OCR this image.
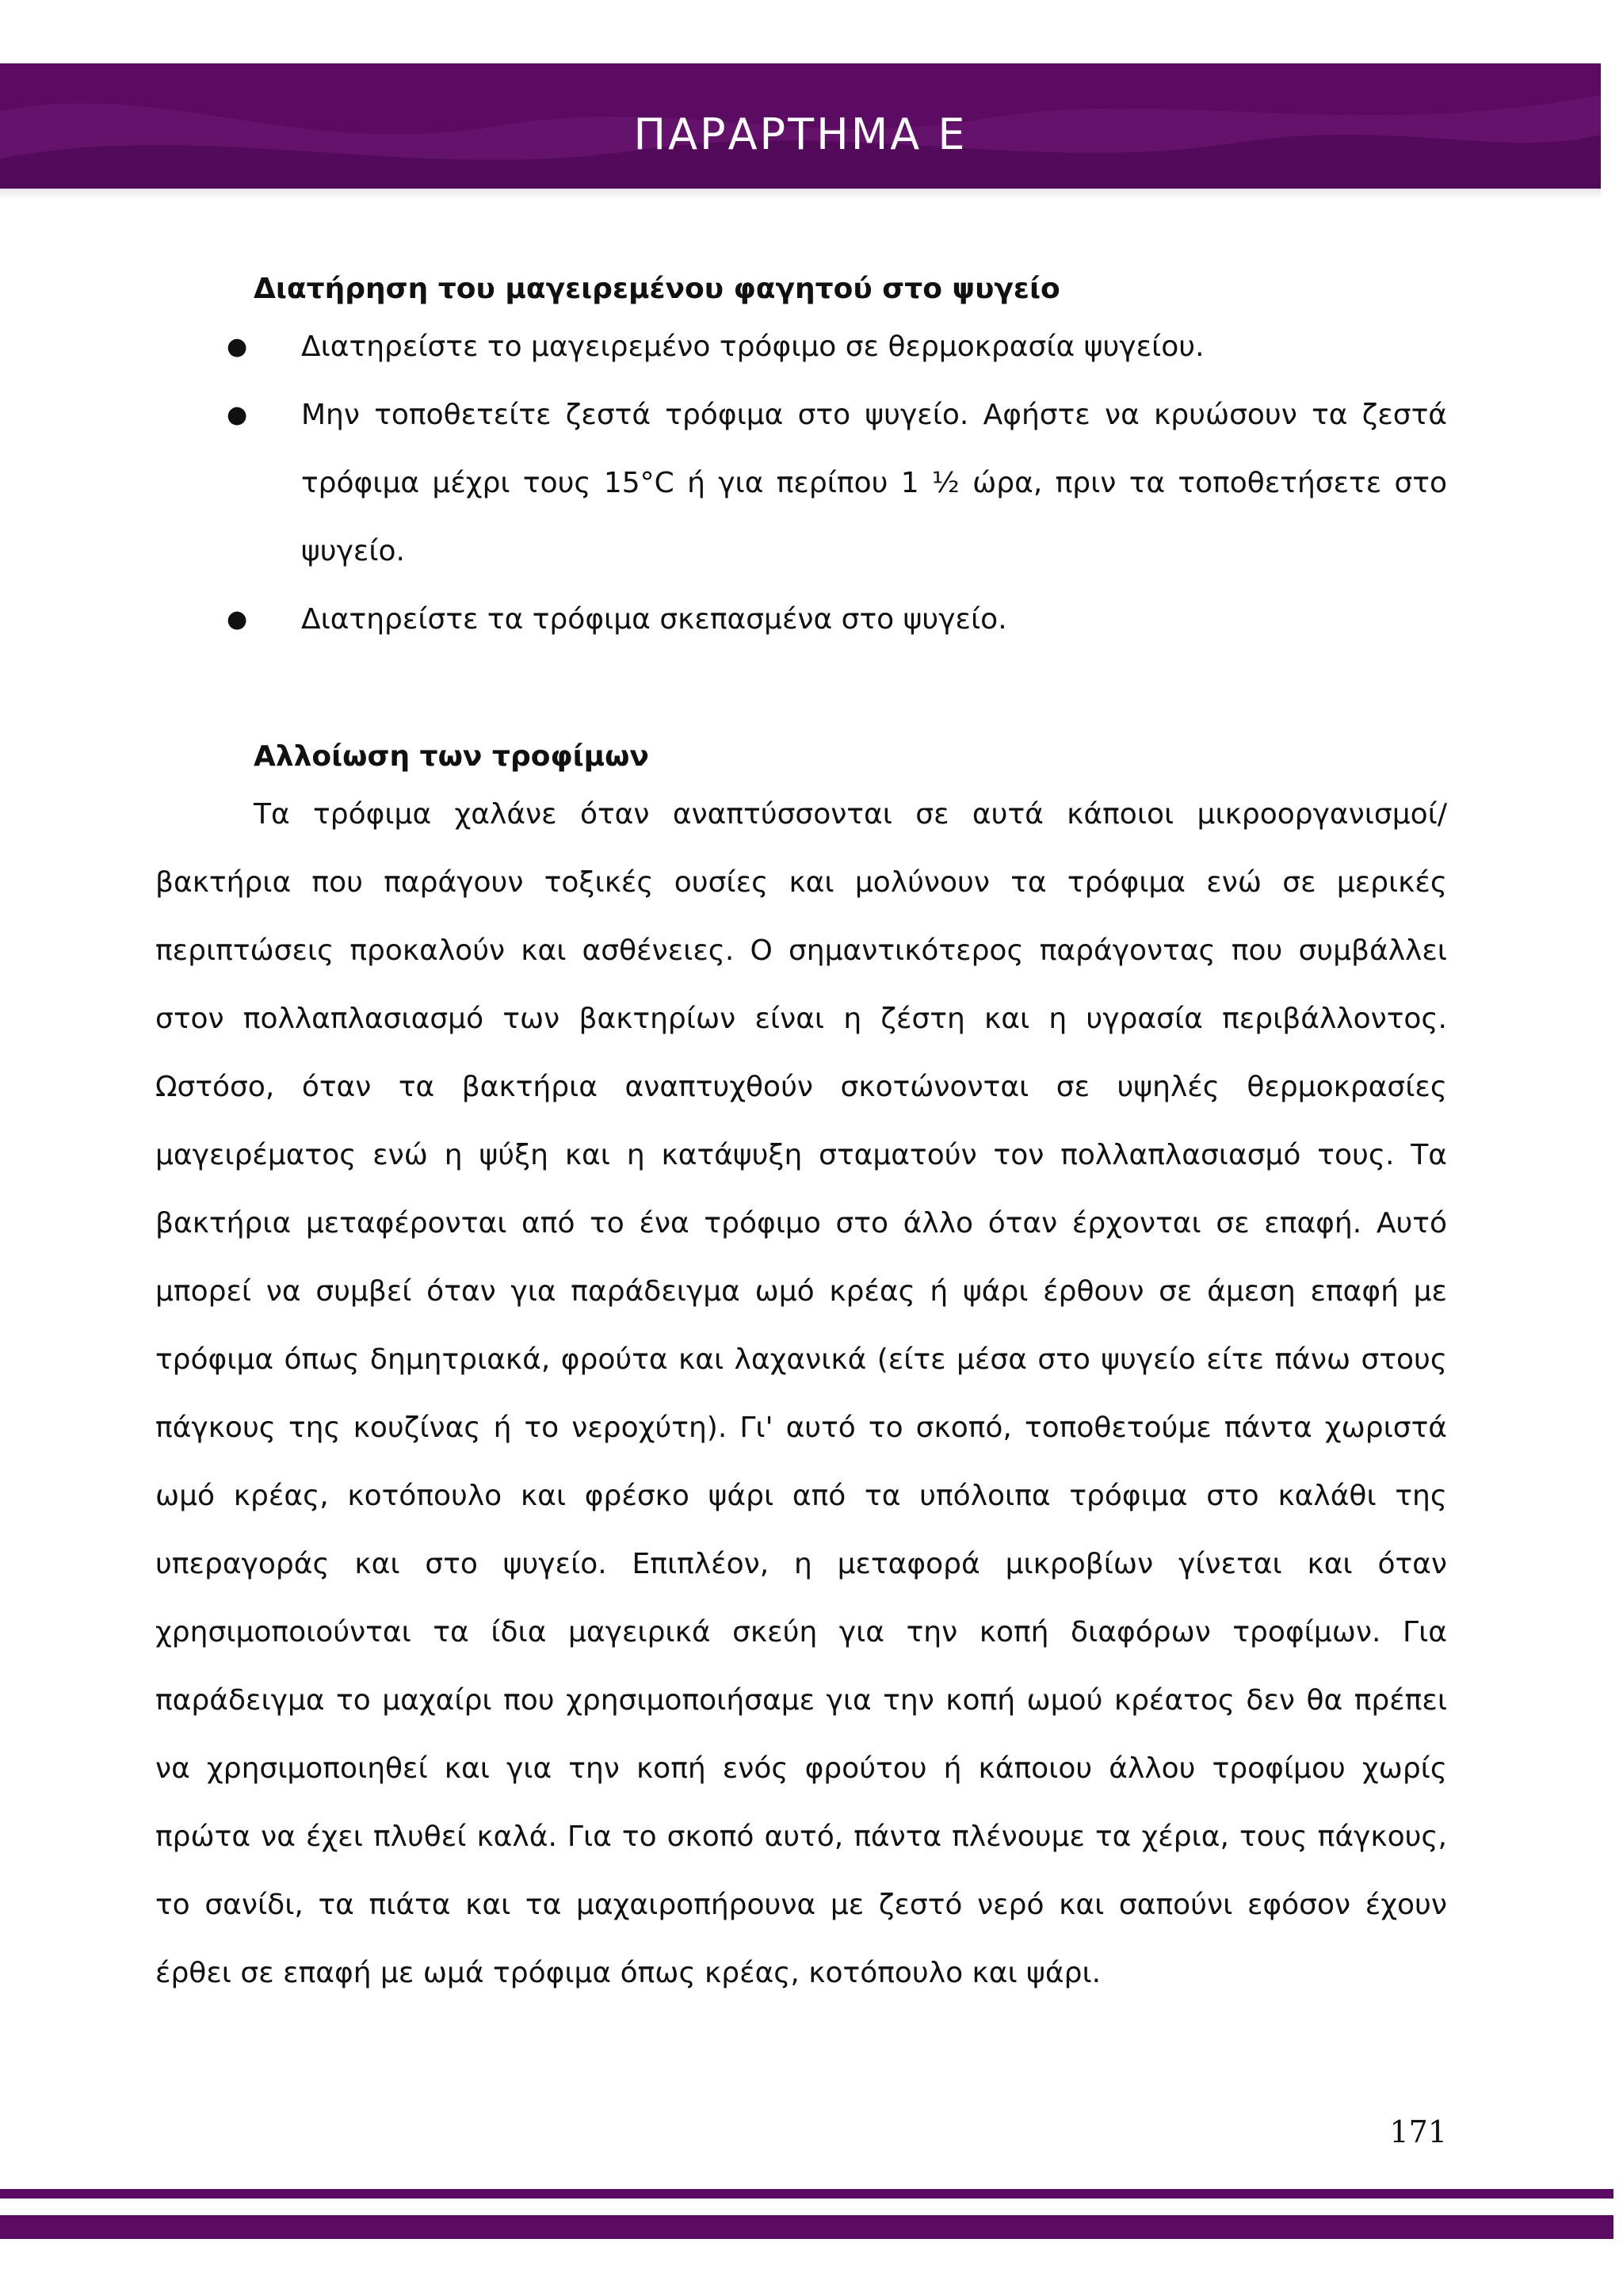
ΠΑΡΑΡΤΗΜΑ Ε
Διατήρηση του μαγειρεμένου φαγητού στο ψυγείο
● Διατηρείστε το μαγειρεμένο τρόφιμο σε θερμοκρασία ψυγείου.
● Μην τοποθετείτε ζεστά τρόφιμα στο ψυγείο. Αφήστε να κρυώσουν τα ζεστά τρόφιμα μέχρι τους 15°C ή για περίπου 1 ½ ώρα, πριν τα τοποθετήσετε στο ψυγείο.
● Διατηρείστε τα τρόφιμα σκεπασμένα στο ψυγείο.
Αλλοίωση των τροφίμων

Τα τρόφιμα χαλάνε όταν αναπτύσσονται σε αυτά κάποιοι μικροοργανισμοί/βακτήρια που παράγουν τοξικές ουσίες και μολύνουν τα τρόφιμα ενώ σε μερικές περιπτώσεις προκαλούν και ασθένειες. Ο σημαντικότερος παράγοντας που συμβάλλει στον πολλαπλασιασμό των βακτηρίων είναι η ζέστη και η υγρασία περιβάλλοντος. Ωστόσο, όταν τα βακτήρια αναπτυχθούν σκοτώνονται σε υψηλές θερμοκρασίες μαγειρέματος ενώ η ψύξη και η κατάψυξη σταματούν τον πολλαπλασιασμό τους. Τα βακτήρια μεταφέρονται από το ένα τρόφιμο στο άλλο όταν έρχονται σε επαφή. Αυτό μπορεί να συμβεί όταν για παράδειγμα ωμό κρέας ή ψάρι έρθουν σε άμεση επαφή με τρόφιμα όπως δημητριακά, φρούτα και λαχανικά (είτε μέσα στο ψυγείο είτε πάνω στους πάγκους της κουζίνας ή το νεροχύτη). Γι' αυτό το σκοπό, τοποθετούμε πάντα χωριστά ωμό κρέας, κοτόπουλο και φρέσκο ψάρι από τα υπόλοιπα τρόφιμα στο καλάθι της υπεραγοράς και στο ψυγείο. Επιπλέον, η μεταφορά μικροβίων γίνεται και όταν χρησιμοποιούνται τα ίδια μαγειρικά σκεύη για την κοπή διαφόρων τροφίμων. Για παράδειγμα το μαχαίρι που χρησιμοποιήσαμε για την κοπή ωμού κρέατος δεν θα πρέπει να χρησιμοποιηθεί και για την κοπή ενός φρούτου ή κάποιου άλλου τροφίμου χωρίς πρώτα να έχει πλυθεί καλά. Για το σκοπό αυτό, πάντα πλένουμε τα χέρια, τους πάγκους, το σανίδι, τα πιάτα και τα μαχαιροπήρουνα με ζεστό νερό και σαπούνι εφόσον έχουν έρθει σε επαφή με ωμά τρόφιμα όπως κρέας, κοτόπουλο και ψάρι.

171
